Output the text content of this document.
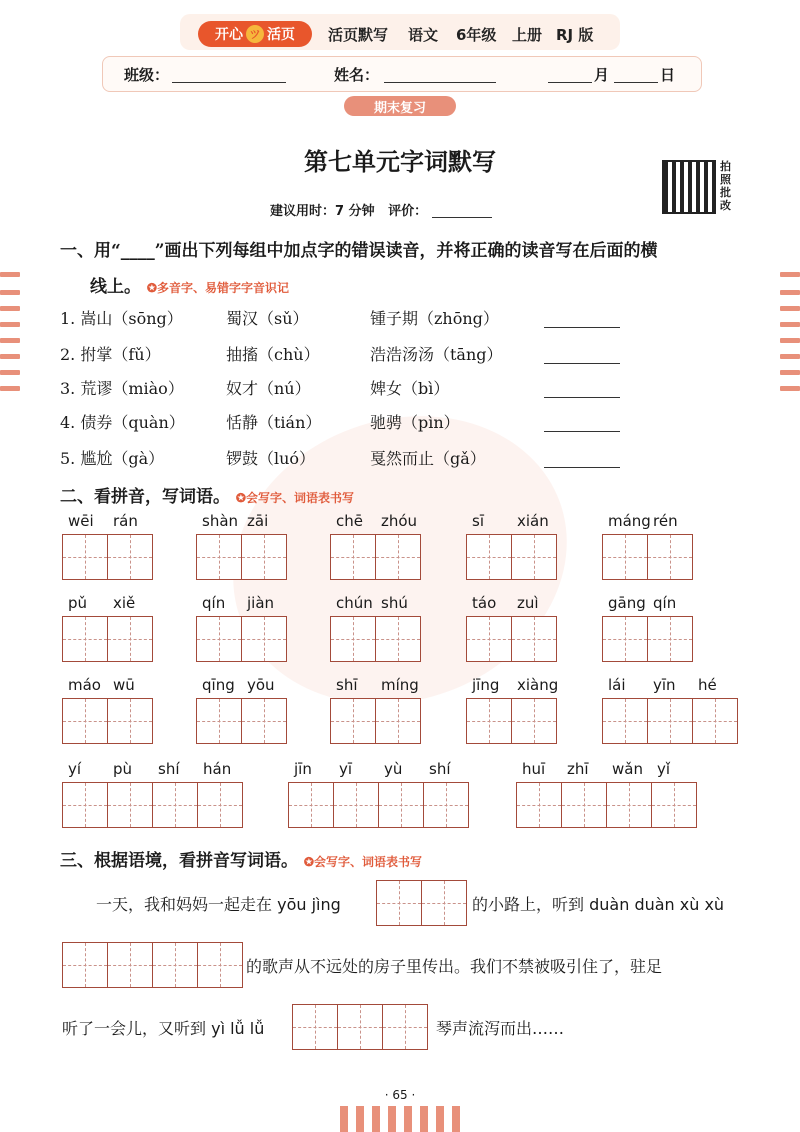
开心 ツ 活页 活页默写 语文 6年级 上册 RJ 版
班级：	姓名：	月	日
期末复习
第七单元字词默写	拍照批改
建议用时：7 分钟 评价：
一、用“____”画出下列每组中加点字的错误读音，并将正确的读音写在后面的横
线上。 ✪多音字、易错字字音识记
1. 嵩山（sōng）	蜀汉（sǔ）	锺子期（zhōng）
2. 拊掌（fǔ）	抽搐（chù）	浩浩汤汤（tāng）
3. 荒谬（miào）	奴才（nú）	婢女（bì）
4. 债券（quàn）	恬静（tián）	驰骋（pìn）
5. 尴尬（gà）	锣鼓（luó）	戛然而止（gǎ）
二、看拼音，写词语。 ✪会写字、词语表书写
wēi rán	shàn zāi	chē zhóu	sī xián	máng rén
pǔ xiě	qín jiàn	chún shú	táo zuì	gāng qín
máo wū	qīng yōu	shī míng	jīng xiàng	lái yīn hé
yí pù shí hán	jīn yī yù shí	huī zhī wǎn yǐ
三、根据语境，看拼音写词语。 ✪会写字、词语表书写
一天，我和妈妈一起走在 yōu jìng	的小路上，听到 duàn duàn xù xù
的歌声从不远处的房子里传出。我们不禁被吸引住了，驻足
听了一会儿，又听到 yì lǚ lǚ	琴声流泻而出……
· 65 ·
